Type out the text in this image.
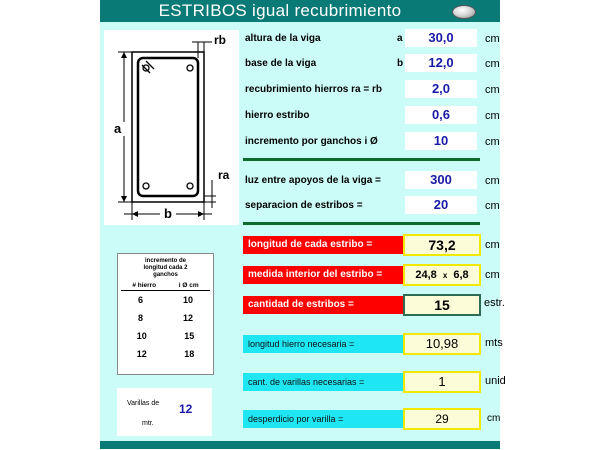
ESTRIBOS igual recubrimiento
rb
ra
a
b
altura de la viga	a	30,0	cm
base de la viga	b	12,0	cm
recubrimiento hierros ra = rb	2,0	cm
hierro estribo	0,6	cm
incremento por ganchos i Ø	10	cm
luz entre apoyos de la viga =	300	cm
separacion de estribos =	20	cm
longitud de cada estribo =	73,2	cm
medida interior del estribo =	24,8 x 6,8	cm
cantidad de estribos =	15	estr.
longitud hierro necesaria =	10,98	mts
cant. de varillas necesarias =	1	unid
desperdicio por varilla =	29	cm
incremento de
longitud cada 2
ganchos
# hierro	i Ø cm
6	10
8	12
10	15
12	18
Varillas de
mtr.
12
